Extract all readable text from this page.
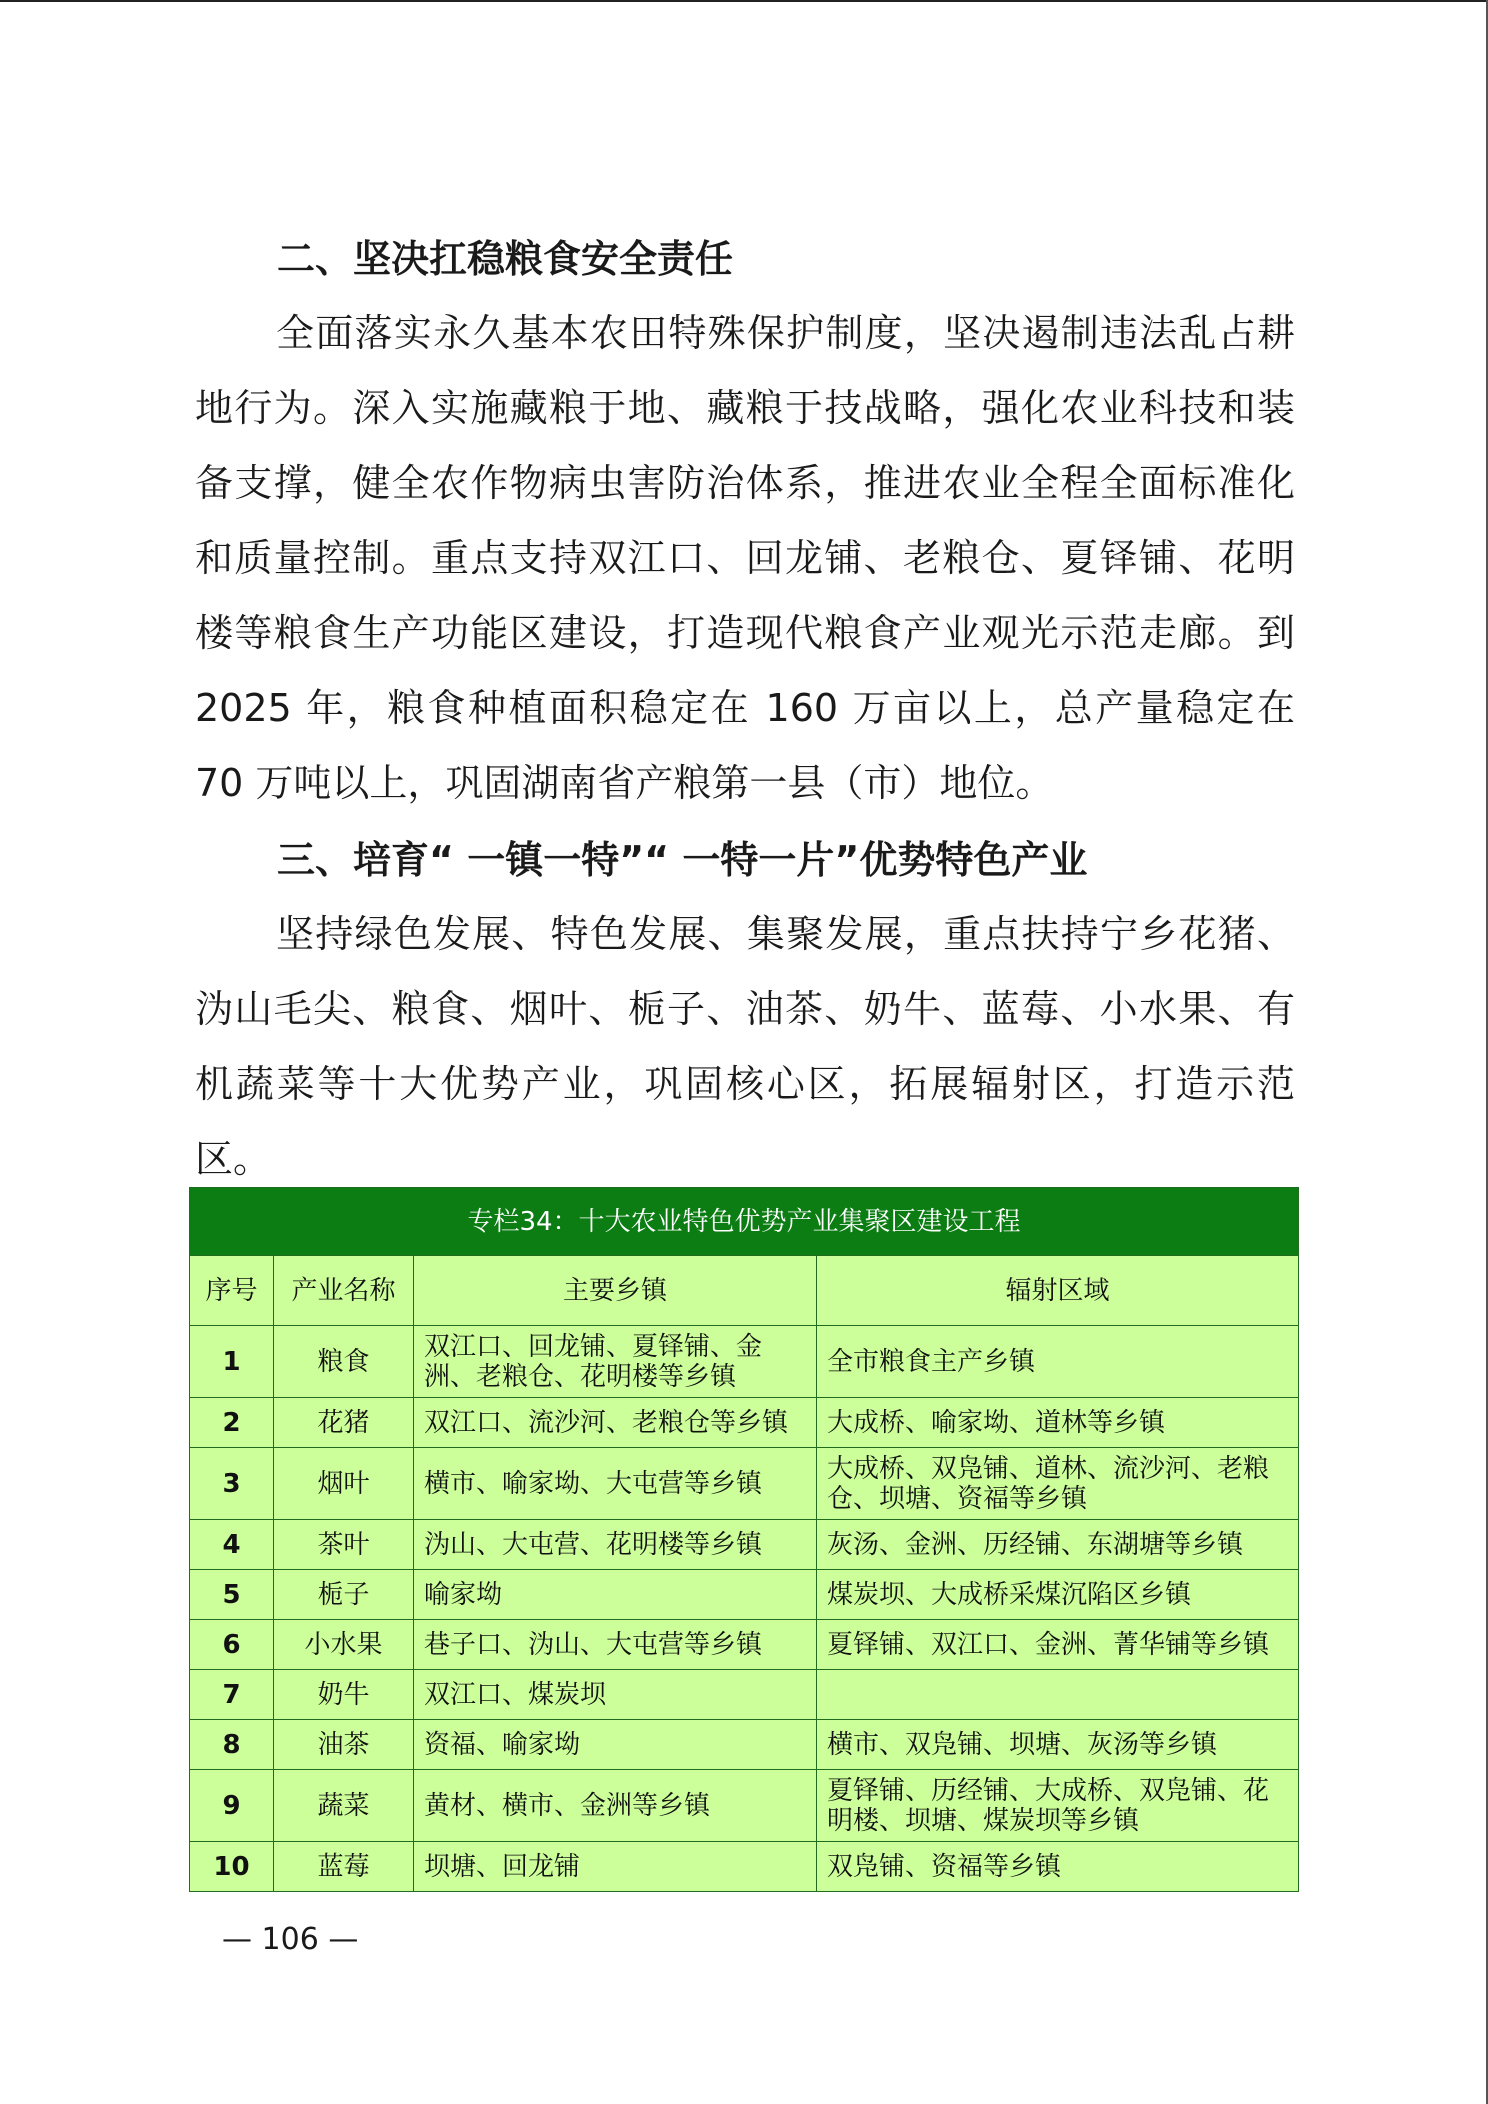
二、坚决扛稳粮食安全责任

全面落实永久基本农田特殊保护制度，坚决遏制违法乱占耕地行为。深入实施藏粮于地、藏粮于技战略，强化农业科技和装备支撑，健全农作物病虫害防治体系，推进农业全程全面标准化和质量控制。重点支持双江口、回龙铺、老粮仓、夏铎铺、花明楼等粮食生产功能区建设，打造现代粮食产业观光示范走廊。到 2025 年，粮食种植面积稳定在 160 万亩以上，总产量稳定在 70 万吨以上，巩固湖南省产粮第一县（市）地位。

三、培育“ 一镇一特”“ 一特一片”优势特色产业

坚持绿色发展、特色发展、集聚发展，重点扶持宁乡花猪、沩山毛尖、粮食、烟叶、栀子、油茶、奶牛、蓝莓、小水果、有机蔬菜等十大优势产业，巩固核心区，拓展辐射区，打造示范区。

专栏34：十大农业特色优势产业集聚区建设工程			
序号	产业名称	主要乡镇	辐射区域
1	粮食	双江口、回龙铺、夏铎铺、金洲、老粮仓、花明楼等乡镇	全市粮食主产乡镇
2	花猪	双江口、流沙河、老粮仓等乡镇	大成桥、喻家坳、道林等乡镇
3	烟叶	横市、喻家坳、大屯营等乡镇	大成桥、双凫铺、道林、流沙河、老粮仓、坝塘、资福等乡镇
4	茶叶	沩山、大屯营、花明楼等乡镇	灰汤、金洲、历经铺、东湖塘等乡镇
5	栀子	喻家坳	煤炭坝、大成桥采煤沉陷区乡镇
6	小水果	巷子口、沩山、大屯营等乡镇	夏铎铺、双江口、金洲、菁华铺等乡镇
7	奶牛	双江口、煤炭坝	
8	油茶	资福、喻家坳	横市、双凫铺、坝塘、灰汤等乡镇
9	蔬菜	黄材、横市、金洲等乡镇	夏铎铺、历经铺、大成桥、双凫铺、花明楼、坝塘、煤炭坝等乡镇
10	蓝莓	坝塘、回龙铺	双凫铺、资福等乡镇
— 106 —
